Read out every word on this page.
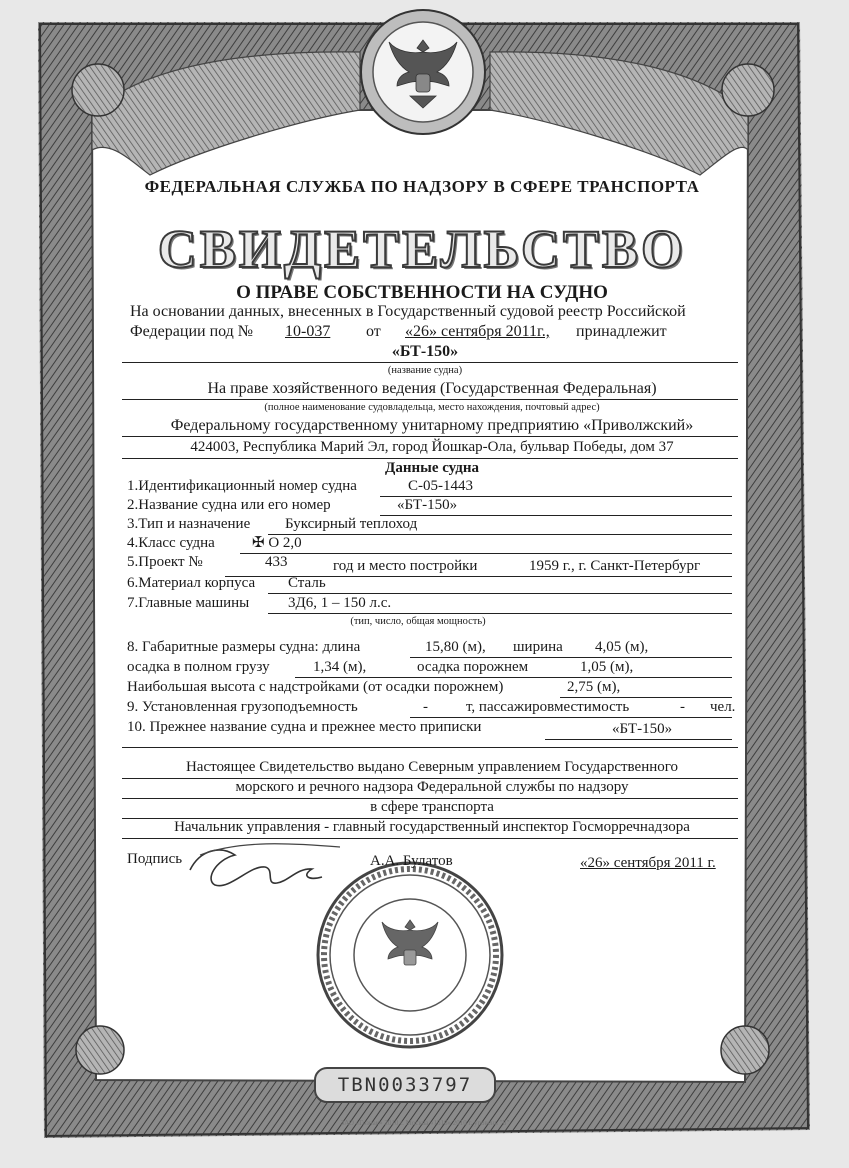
ФЕДЕРАЛЬНАЯ СЛУЖБА ПО НАДЗОРУ В СФЕРЕ ТРАНСПОРТА
СВИДЕТЕЛЬСТВО
О ПРАВЕ СОБСТВЕННОСТИ НА СУДНО
На основании данных, внесенных в Государственный судовой реестр Российской
Федерации под № 10-037 от «26» сентября 2011г., принадлежит
«БТ-150»
(название судна)
На праве хозяйственного ведения (Государственная Федеральная)
(полное наименование судовладельца, место нахождения, почтовый адрес)
Федеральному государственному унитарному предприятию «Приволжский»
424003, Республика Марий Эл, город Йошкар-Ола, бульвар Победы, дом 37
Данные судна
1.Идентификационный номер судна	С-05-1443
2.Название судна или его номер	«БТ-150»
3.Тип и назначение Буксирный теплоход
4.Класс судна ✠ О 2,0
5.Проект №	433	год и место постройки	1959 г., г. Санкт-Петербург
6.Материал корпуса Сталь
7.Главные машины	3Д6, 1 – 150 л.с.
(тип, число, общая мощность)
8. Габаритные размеры судна: длина	15,80 (м), ширина 4,05 (м),
осадка в полном грузу	1,34 (м),	осадка порожнем	1,05 (м),
Наибольшая высота с надстройками (от осадки порожнем)	2,75 (м),
9. Установленная грузоподъемность	-	т, пассажировместимость	- чел.
10. Прежнее название судна и прежнее место приписки	«БТ-150»
Настоящее Свидетельство выдано Северным управлением Государственного
морского и речного надзора Федеральной службы по надзору
в сфере транспорта
Начальник управления - главный государственный инспектор Госморречнадзора
Подпись	А.А. Булатов	«26» сентября 2011 г.
TBN0033797
ЗАО «Гознак» 2010 г. Москва «1516» 2010 г. уровень "Б"
